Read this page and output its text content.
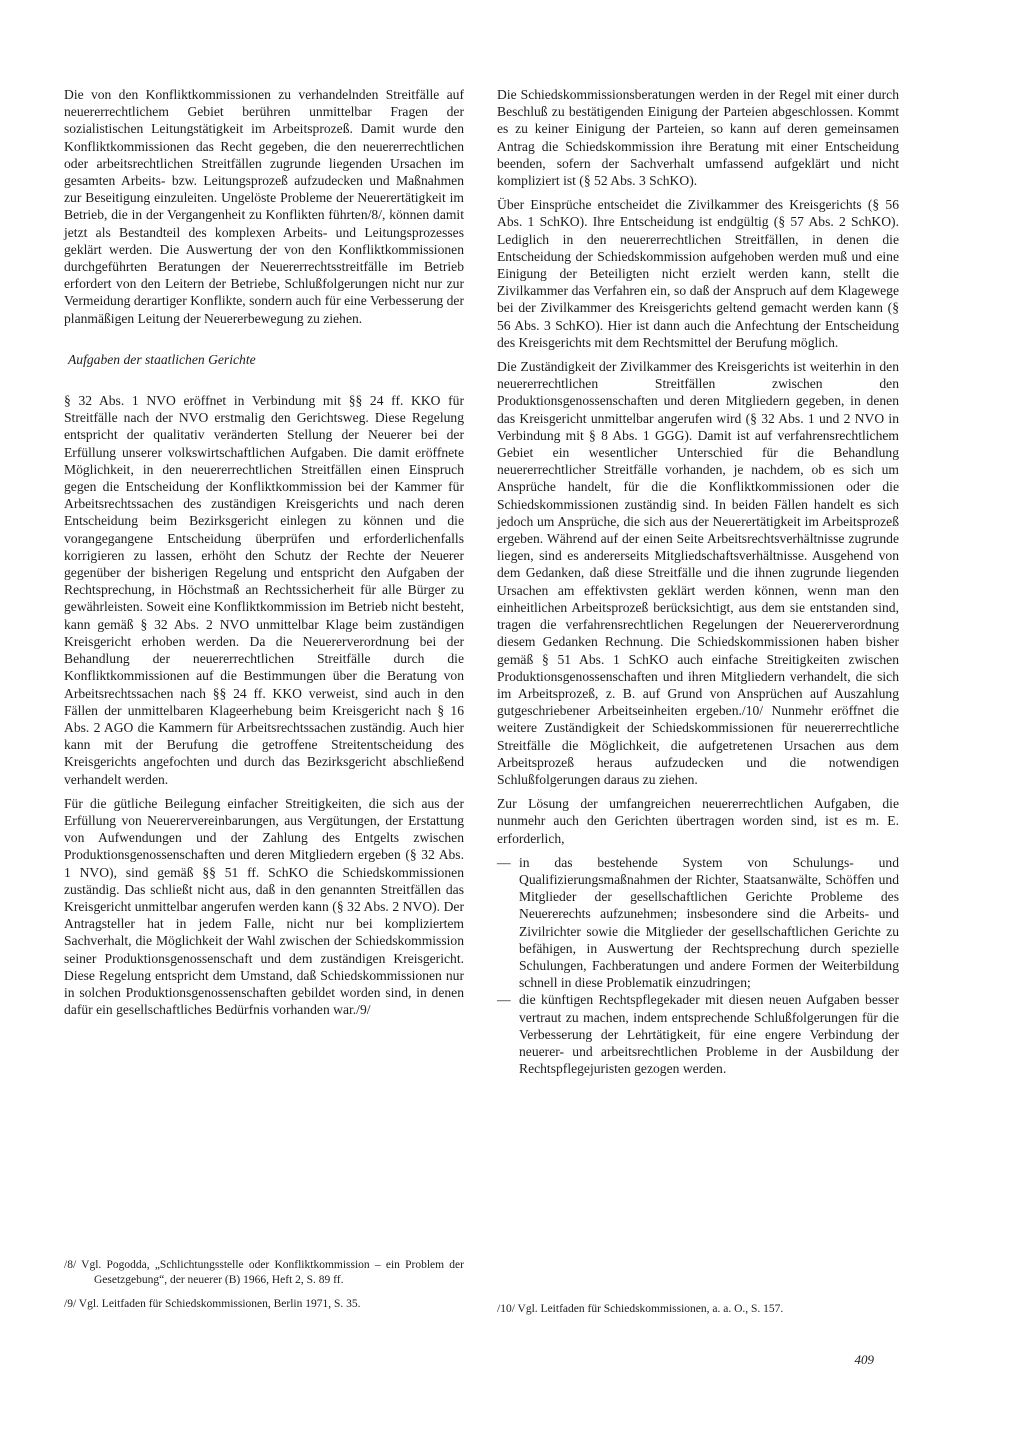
Die von den Konfliktkommissionen zu verhandelnden Streitfälle auf neuererrechtlichem Gebiet berühren unmittelbar Fragen der sozialistischen Leitungstätigkeit im Arbeitsprozeß. Damit wurde den Konfliktkommissionen das Recht gegeben, die den neuererrechtlichen oder arbeitsrechtlichen Streitfällen zugrunde liegenden Ursachen im gesamten Arbeits- bzw. Leitungsprozeß aufzudecken und Maßnahmen zur Beseitigung einzuleiten. Ungelöste Probleme der Neuerertätigkeit im Betrieb, die in der Vergangenheit zu Konflikten führten/8/, können damit jetzt als Bestandteil des komplexen Arbeits- und Leitungsprozesses geklärt werden. Die Auswertung der von den Konfliktkommissionen durchgeführten Beratungen der Neuererrechtsstreitfälle im Betrieb erfordert von den Leitern der Betriebe, Schlußfolgerungen nicht nur zur Vermeidung derartiger Konflikte, sondern auch für eine Verbesserung der planmäßigen Leitung der Neuererbewegung zu ziehen.

Aufgaben der staatlichen Gerichte

§ 32 Abs. 1 NVO eröffnet in Verbindung mit §§ 24 ff. KKO für Streitfälle nach der NVO erstmalig den Gerichtsweg. Diese Regelung entspricht der qualitativ veränderten Stellung der Neuerer bei der Erfüllung unserer volkswirtschaftlichen Aufgaben. Die damit eröffnete Möglichkeit, in den neuererrechtlichen Streitfällen einen Einspruch gegen die Entscheidung der Konfliktkommission bei der Kammer für Arbeitsrechtssachen des zuständigen Kreisgerichts und nach deren Entscheidung beim Bezirksgericht einlegen zu können und die vorangegangene Entscheidung überprüfen und erforderlichenfalls korrigieren zu lassen, erhöht den Schutz der Rechte der Neuerer gegenüber der bisherigen Regelung und entspricht den Aufgaben der Rechtsprechung, in Höchstmaß an Rechtssicherheit für alle Bürger zu gewährleisten. Soweit eine Konfliktkommission im Betrieb nicht besteht, kann gemäß § 32 Abs. 2 NVO unmittelbar Klage beim zuständigen Kreisgericht erhoben werden. Da die Neuererverordnung bei der Behandlung der neuererrechtlichen Streitfälle durch die Konfliktkommissionen auf die Bestimmungen über die Beratung von Arbeitsrechtssachen nach §§ 24 ff. KKO verweist, sind auch in den Fällen der unmittelbaren Klageerhebung beim Kreisgericht nach § 16 Abs. 2 AGO die Kammern für Arbeitsrechtssachen zuständig. Auch hier kann mit der Berufung die getroffene Streitentscheidung des Kreisgerichts angefochten und durch das Bezirksgericht abschließend verhandelt werden.

Für die gütliche Beilegung einfacher Streitigkeiten, die sich aus der Erfüllung von Neuerervereinbarungen, aus Vergütungen, der Erstattung von Aufwendungen und der Zahlung des Entgelts zwischen Produktionsgenossenschaften und deren Mitgliedern ergeben (§ 32 Abs. 1 NVO), sind gemäß §§ 51 ff. SchKO die Schiedskommissionen zuständig. Das schließt nicht aus, daß in den genannten Streitfällen das Kreisgericht unmittelbar angerufen werden kann (§ 32 Abs. 2 NVO). Der Antragsteller hat in jedem Falle, nicht nur bei kompliziertem Sachverhalt, die Möglichkeit der Wahl zwischen der Schiedskommission seiner Produktionsgenossenschaft und dem zuständigen Kreisgericht. Diese Regelung entspricht dem Umstand, daß Schiedskommissionen nur in solchen Produktionsgenossenschaften gebildet worden sind, in denen dafür ein gesellschaftliches Bedürfnis vorhanden war./9/

Die Schiedskommissionsberatungen werden in der Regel mit einer durch Beschluß zu bestätigenden Einigung der Parteien abgeschlossen. Kommt es zu keiner Einigung der Parteien, so kann auf deren gemeinsamen Antrag die Schiedskommission ihre Beratung mit einer Entscheidung beenden, sofern der Sachverhalt umfassend aufgeklärt und nicht kompliziert ist (§ 52 Abs. 3 SchKO).

Über Einsprüche entscheidet die Zivilkammer des Kreisgerichts (§ 56 Abs. 1 SchKO). Ihre Entscheidung ist endgültig (§ 57 Abs. 2 SchKO). Lediglich in den neuererrechtlichen Streitfällen, in denen die Entscheidung der Schiedskommission aufgehoben werden muß und eine Einigung der Beteiligten nicht erzielt werden kann, stellt die Zivilkammer das Verfahren ein, so daß der Anspruch auf dem Klagewege bei der Zivilkammer des Kreisgerichts geltend gemacht werden kann (§ 56 Abs. 3 SchKO). Hier ist dann auch die Anfechtung der Entscheidung des Kreisgerichts mit dem Rechtsmittel der Berufung möglich.

Die Zuständigkeit der Zivilkammer des Kreisgerichts ist weiterhin in den neuererrechtlichen Streitfällen zwischen den Produktionsgenossenschaften und deren Mitgliedern gegeben, in denen das Kreisgericht unmittelbar angerufen wird (§ 32 Abs. 1 und 2 NVO in Verbindung mit § 8 Abs. 1 GGG). Damit ist auf verfahrensrechtlichem Gebiet ein wesentlicher Unterschied für die Behandlung neuererrechtlicher Streitfälle vorhanden, je nachdem, ob es sich um Ansprüche handelt, für die die Konfliktkommissionen oder die Schiedskommissionen zuständig sind. In beiden Fällen handelt es sich jedoch um Ansprüche, die sich aus der Neuerertätigkeit im Arbeitsprozeß ergeben. Während auf der einen Seite Arbeitsrechtsverhältnisse zugrunde liegen, sind es andererseits Mitgliedschaftsverhältnisse. Ausgehend von dem Gedanken, daß diese Streitfälle und die ihnen zugrunde liegenden Ursachen am effektivsten geklärt werden können, wenn man den einheitlichen Arbeitsprozeß berücksichtigt, aus dem sie entstanden sind, tragen die verfahrensrechtlichen Regelungen der Neuererverordnung diesem Gedanken Rechnung. Die Schiedskommissionen haben bisher gemäß § 51 Abs. 1 SchKO auch einfache Streitigkeiten zwischen Produktionsgenossenschaften und ihren Mitgliedern verhandelt, die sich im Arbeitsprozeß, z. B. auf Grund von Ansprüchen auf Auszahlung gutgeschriebener Arbeitseinheiten ergeben./10/ Nunmehr eröffnet die weitere Zuständigkeit der Schiedskommissionen für neuererrechtliche Streitfälle die Möglichkeit, die aufgetretenen Ursachen aus dem Arbeitsprozeß heraus aufzudecken und die notwendigen Schlußfolgerungen daraus zu ziehen.

Zur Lösung der umfangreichen neuererrechtlichen Aufgaben, die nunmehr auch den Gerichten übertragen worden sind, ist es m. E. erforderlich,

— in das bestehende System von Schulungs- und Qualifizierungsmaßnahmen der Richter, Staatsanwälte, Schöffen und Mitglieder der gesellschaftlichen Gerichte Probleme des Neuererechts aufzunehmen; insbesondere sind die Arbeits- und Zivilrichter sowie die Mitglieder der gesellschaftlichen Gerichte zu befähigen, in Auswertung der Rechtsprechung durch spezielle Schulungen, Fachberatungen und andere Formen der Weiterbildung schnell in diese Problematik einzudringen;
— die künftigen Rechtspflegekader mit diesen neuen Aufgaben besser vertraut zu machen, indem entsprechende Schlußfolgerungen für die Verbesserung der Lehrtätigkeit, für eine engere Verbindung der neuerer- und arbeitsrechtlichen Probleme in der Ausbildung der Rechtspflegejuristen gezogen werden.

/8/ Vgl. Pogodda, „Schlichtungsstelle oder Konfliktkommission – ein Problem der Gesetzgebung“, der neuerer (B) 1966, Heft 2, S. 89 ff.

/9/ Vgl. Leitfaden für Schiedskommissionen, Berlin 1971, S. 35.	/10/ Vgl. Leitfaden für Schiedskommissionen, a. a. O., S. 157.

409
